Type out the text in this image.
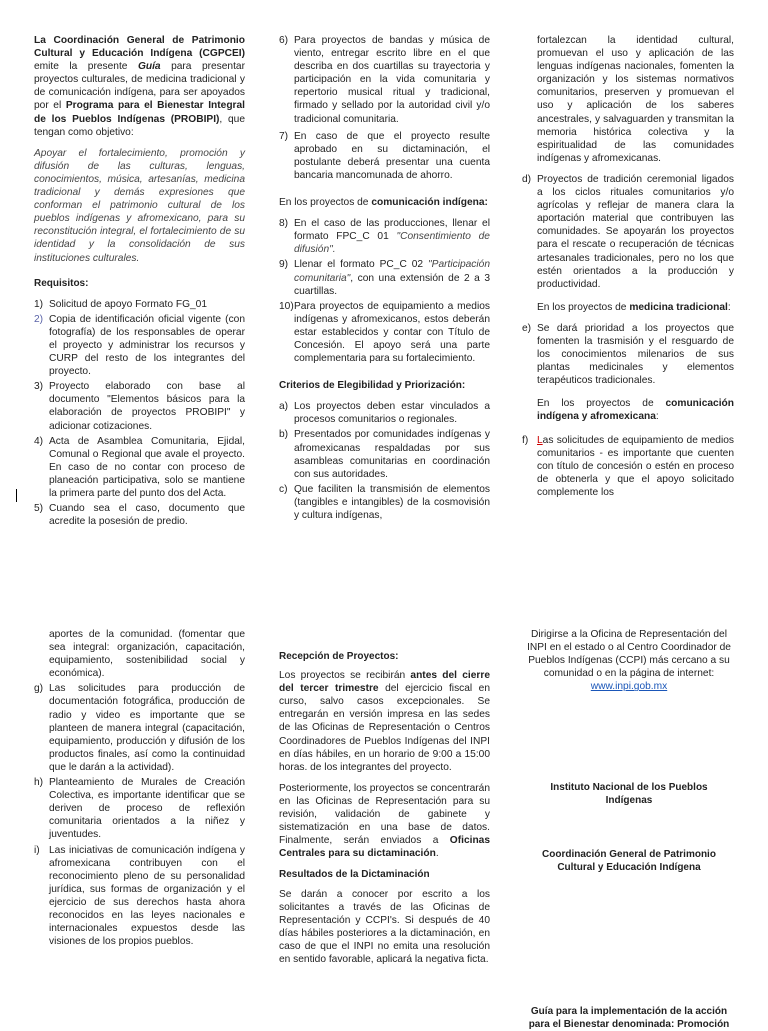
La Coordinación General de Patrimonio Cultural y Educación Indígena (CGPCEI) emite la presente Guía para presentar proyectos culturales, de medicina tradicional y de comunicación indígena, para ser apoyados por el Programa para el Bienestar Integral de los Pueblos Indígenas (PROBIPI), que tengan como objetivo:

Apoyar el fortalecimiento, promoción y difusión de las culturas, lenguas, conocimientos, música, artesanías, medicina tradicional y demás expresiones que conforman el patrimonio cultural de los pueblos indígenas y afromexicano, para su reconstitución integral, el fortalecimiento de su identidad y la consolidación de sus instituciones culturales.

Requisitos:
1) Solicitud de apoyo Formato FG_01
2) Copia de identificación oficial vigente (con fotografía) de los responsables de operar el proyecto y administrar los recursos y CURP del resto de los integrantes del proyecto.
3) Proyecto elaborado con base al documento "Elementos básicos para la elaboración de proyectos PROBIPI" y adicionar cotizaciones.
4) Acta de Asamblea Comunitaria, Ejidal, Comunal o Regional que avale el proyecto. En caso de no contar con proceso de planeación participativa, solo se mantiene la primera parte del punto dos del Acta.
5) Cuando sea el caso, documento que acredite la posesión de predio.
6) Para proyectos de bandas y música de viento, entregar escrito libre en el que describa en dos cuartillas su trayectoria y participación en la vida comunitaria y repertorio musical ritual y tradicional, firmado y sellado por la autoridad civil y/o tradicional comunitaria.
7) En caso de que el proyecto resulte aprobado en su dictaminación, el postulante deberá presentar una cuenta bancaria mancomunada de ahorro.

En los proyectos de comunicación indígena:

8) En el caso de las producciones, llenar el formato FPC_C 01 "Consentimiento de difusión".
9) Llenar el formato PC_C 02 "Participación comunitaria", con una extensión de 2 a 3 cuartillas.
10) Para proyectos de equipamiento a medios indígenas y afromexicanos, estos deberán estar establecidos y contar con Título de Concesión. El apoyo será una parte complementaria para su fortalecimiento.
Criterios de Elegibilidad y Priorización:
a) Los proyectos deben estar vinculados a procesos comunitarios o regionales.
b) Presentados por comunidades indígenas y afromexicanas respaldadas por sus asambleas comunitarias en coordinación con sus autoridades.
c) Que faciliten la transmisión de elementos (tangibles e intangibles) de la cosmovisión y cultura indígenas,

fortalezcan la identidad cultural, promuevan el uso y aplicación de las lenguas indígenas nacionales, fomenten la organización y los sistemas normativos comunitarios, preserven y promuevan el uso y aplicación de los saberes ancestrales, y salvaguarden y transmitan la memoria histórica colectiva y la espiritualidad de las comunidades indígenas y afromexicanas.

d) Proyectos de tradición ceremonial ligados a los ciclos rituales comunitarios y/o agrícolas y reflejar de manera clara la aportación material que contribuyen las comunidades. Se apoyarán los proyectos para el rescate o recuperación de técnicas artesanales tradicionales, pero no los que estén orientados a la producción y productividad.

En los proyectos de medicina tradicional:

e) Se dará prioridad a los proyectos que fomenten la trasmisión y el resguardo de los conocimientos milenarios de sus plantas medicinales y elementos terapéuticos tradicionales.

En los proyectos de comunicación indígena y afromexicana:

f) Las solicitudes de equipamiento de medios comunitarios - es importante que cuenten con título de concesión o estén en proceso de obtenerla y que el apoyo solicitado complemente los

aportes de la comunidad. (fomentar que sea integral: organización, capacitación, equipamiento, sostenibilidad social y económica).

g) Las solicitudes para producción de documentación fotográfica, producción de radio y video es importante que se planteen de manera integral (capacitación, equipamiento, producción y difusión de los productos finales, así como la continuidad que le darán a la actividad).
h) Planteamiento de Murales de Creación Colectiva, es importante identificar que se deriven de proceso de reflexión comunitaria orientados a la niñez y juventudes.
i) Las iniciativas de comunicación indígena y afromexicana contribuyen con el reconocimiento pleno de su personalidad jurídica, sus formas de organización y el ejercicio de sus derechos hasta ahora reconocidos en las leyes nacionales e internacionales expuestos desde las visiones de los propios pueblos.
Recepción de Proyectos:

Los proyectos se recibirán antes del cierre del tercer trimestre del ejercicio fiscal en curso, salvo casos excepcionales. Se entregarán en versión impresa en las sedes de las Oficinas de Representación o Centros Coordinadores de Pueblos Indígenas del INPI en días hábiles, en un horario de 9:00 a 15:00 horas. de los integrantes del proyecto.

Posteriormente, los proyectos se concentrarán en las Oficinas de Representación para su revisión, validación de gabinete y sistematización en una base de datos. Finalmente, serán enviados a Oficinas Centrales para su dictaminación.

Resultados de la Dictaminación

Se darán a conocer por escrito a los solicitantes a través de las Oficinas de Representación y CCPI's. Si después de 40 días hábiles posteriores a la dictaminación, en caso de que el INPI no emita una resolución en sentido favorable, aplicará la negativa ficta.

Dirigirse a la Oficina de Representación del INPI en el estado o al Centro Coordinador de Pueblos Indígenas (CCPI) más cercano a su comunidad o en la página de internet: www.inpi.gob.mx

Instituto Nacional de los Pueblos Indígenas
Coordinación General de Patrimonio Cultural y Educación Indígena
Guía para la implementación de la acción para el Bienestar denominada: Promoción
